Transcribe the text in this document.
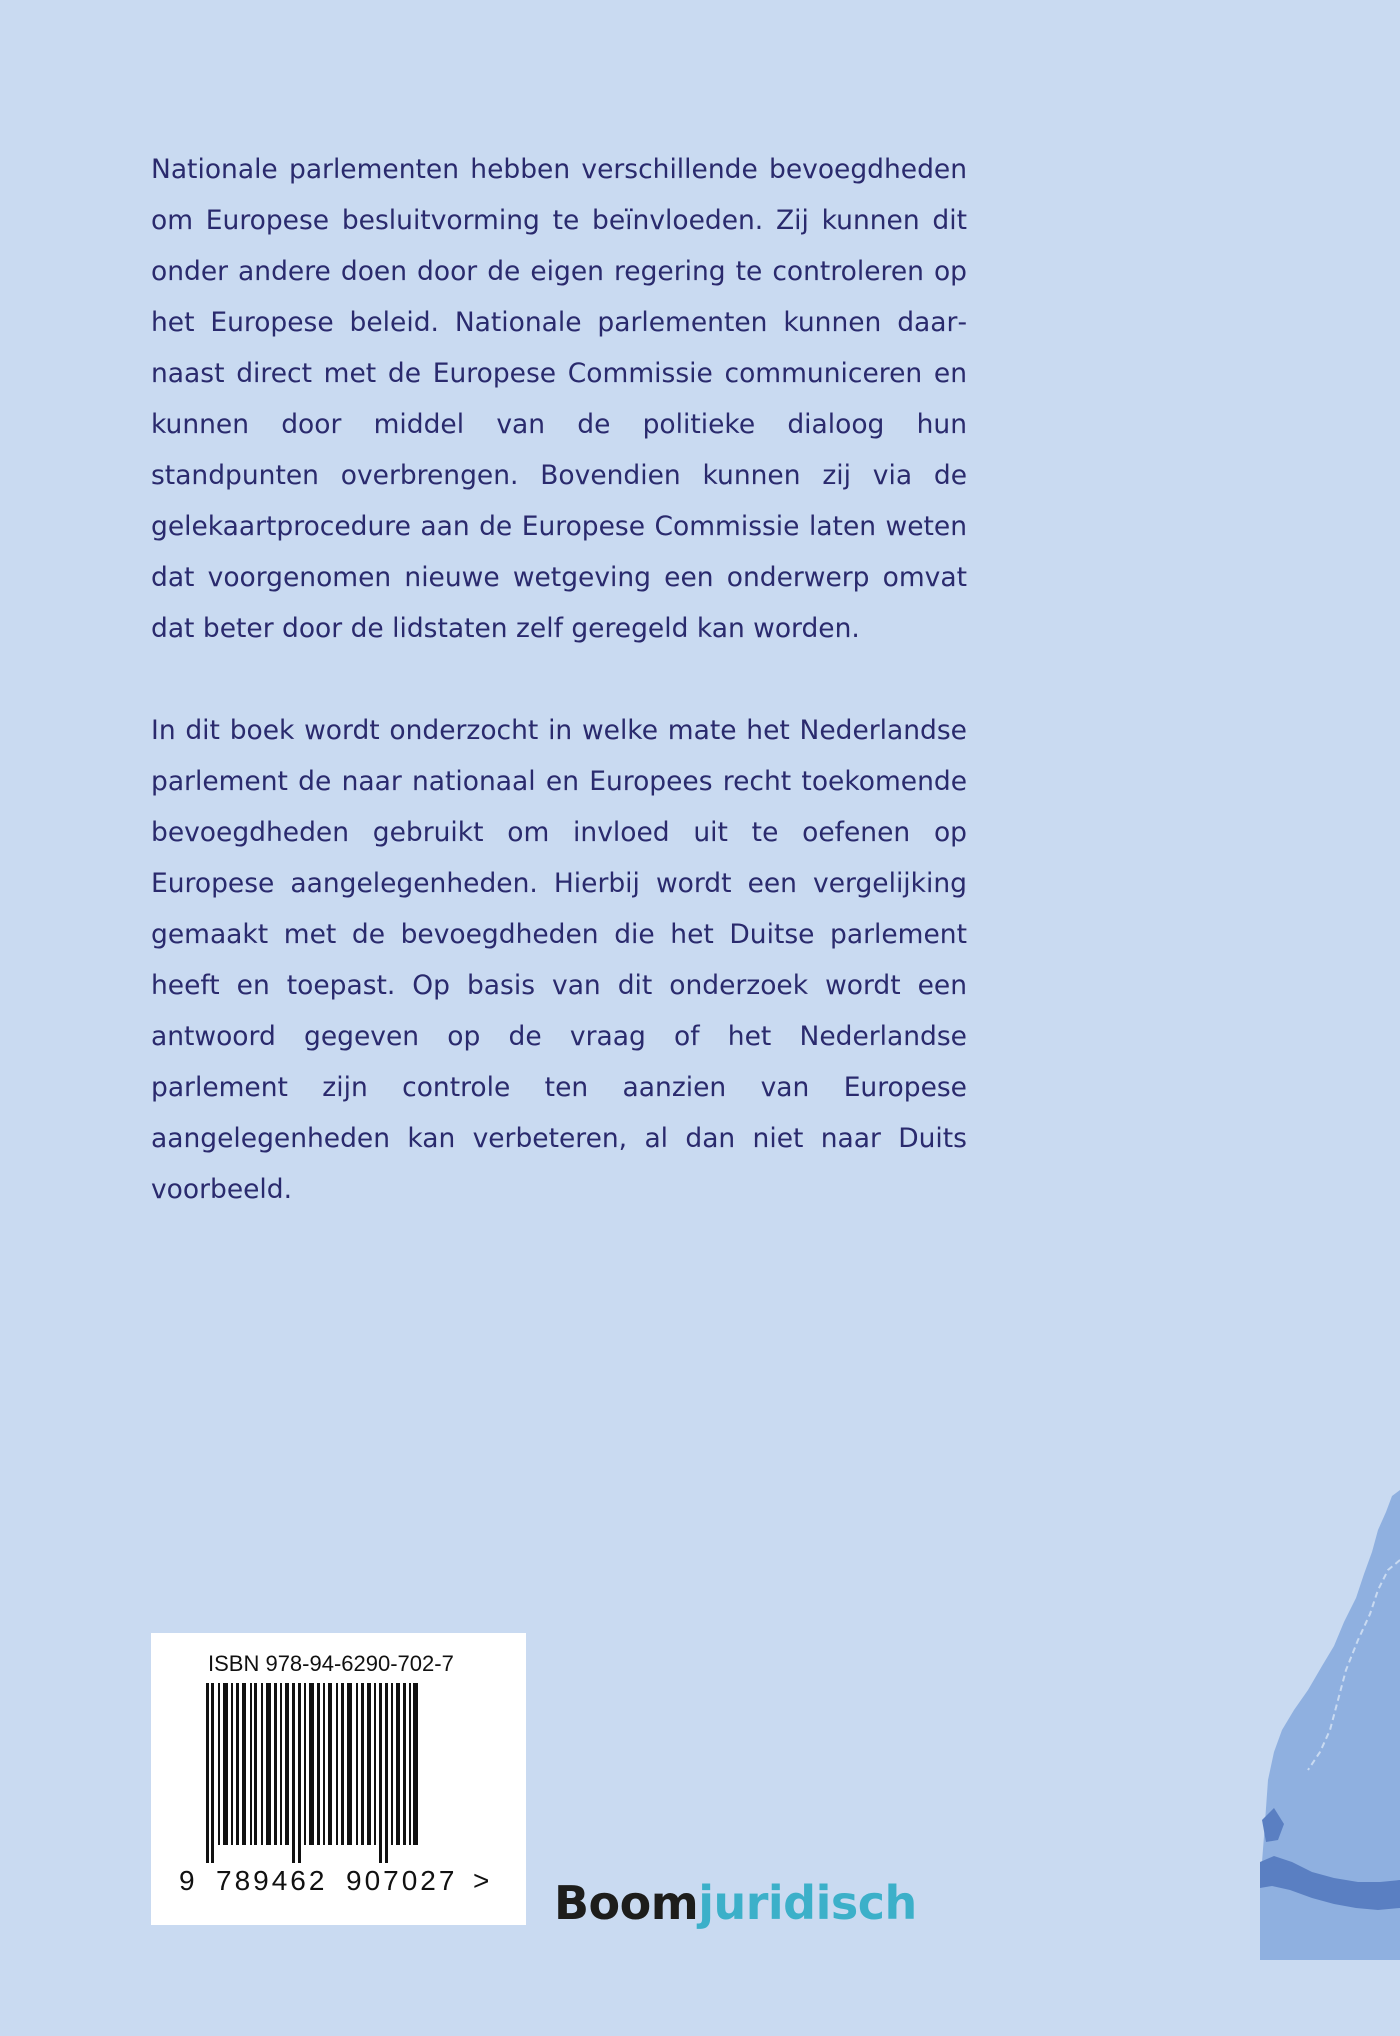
Nationale parlementen hebben verschillende bevoegdheden om Europese besluitvorming te beïnvloeden. Zij kunnen dit onder andere doen door de eigen regering te controleren op het Europese beleid. Nationale parlementen kunnen daarnaast direct met de Europese Commissie communiceren en kunnen door middel van de politieke dialoog hun standpunten overbrengen. Bovendien kunnen zij via de gelekaartprocedure aan de Europese Commissie laten weten dat voorgenomen nieuwe wetgeving een onderwerp omvat dat beter door de lidstaten zelf geregeld kan worden.

In dit boek wordt onderzocht in welke mate het Nederlandse parlement de naar nationaal en Europees recht toekomende bevoegdheden gebruikt om invloed uit te oefenen op Europese aangelegenheden. Hierbij wordt een vergelijking gemaakt met de bevoegdheden die het Duitse parlement heeft en toepast. Op basis van dit onderzoek wordt een antwoord gegeven op de vraag of het Nederlandse parlement zijn controle ten aanzien van Europese aangelegenheden kan verbeteren, al dan niet naar Duits voorbeeld.

ISBN 978-94-6290-702-7
9 789462 907027 > Boomjuridisch
